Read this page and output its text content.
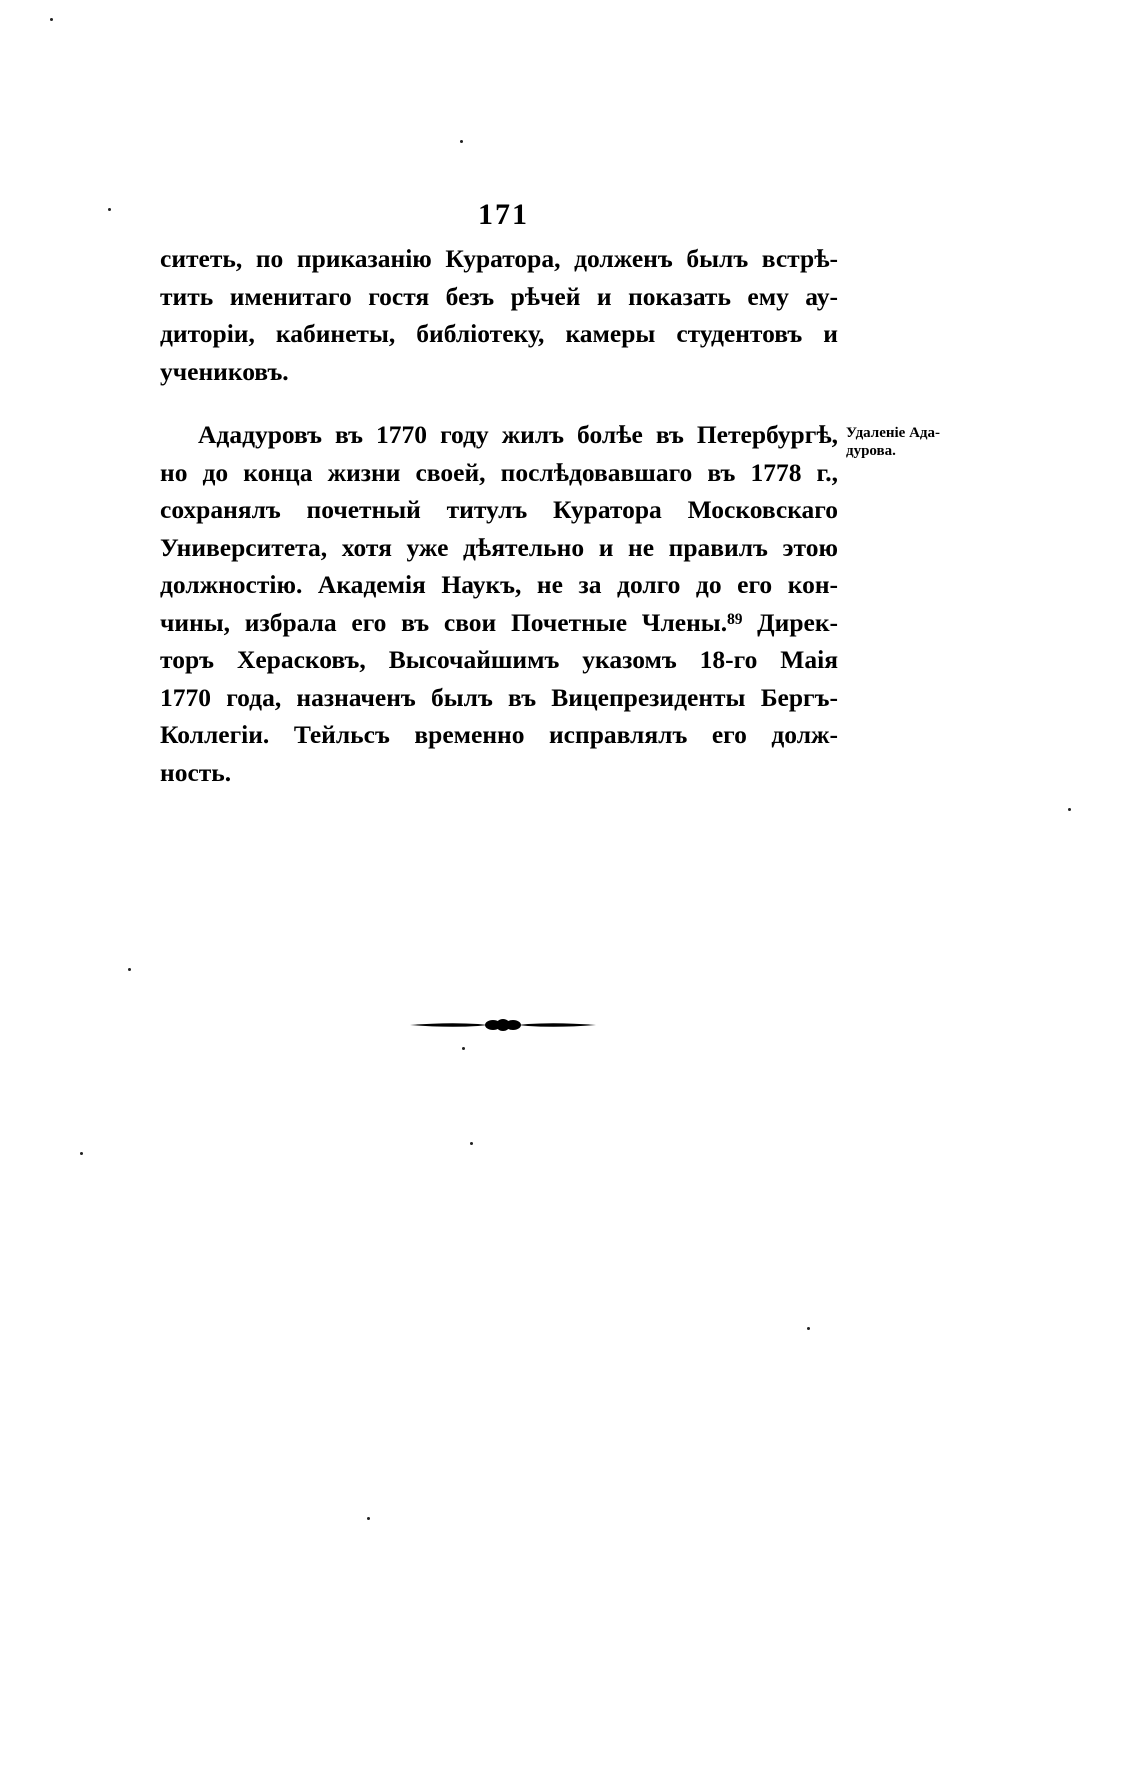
171
ситеть, по приказанію Куратора, долженъ былъ встрѣ-
тить именитаго гостя безъ рѣчей и показать ему ау-
диторіи, кабинеты, библіотеку, камеры студентовъ и
учениковъ.
Ададуровъ въ 1770 году жилъ болѣе въ Петербургѣ,
но до конца жизни своей, послѣдовавшаго въ 1778 г.,
сохранялъ почетный титулъ Куратора Московскаго
Университета, хотя уже дѣятельно и не правилъ этою
должностію. Академія Наукъ, не за долго до его кон-
чины, избрала его въ свои Почетные Члены.⁸⁹ Дирек-
торъ Херасковъ, Высочайшимъ указомъ 18-го Маія
1770 года, назначенъ былъ въ Вицепрезиденты Бергъ-
Коллегіи. Тейльсъ временно исправлялъ его долж-
ность.
Удаленіе Ада-
дурова.
